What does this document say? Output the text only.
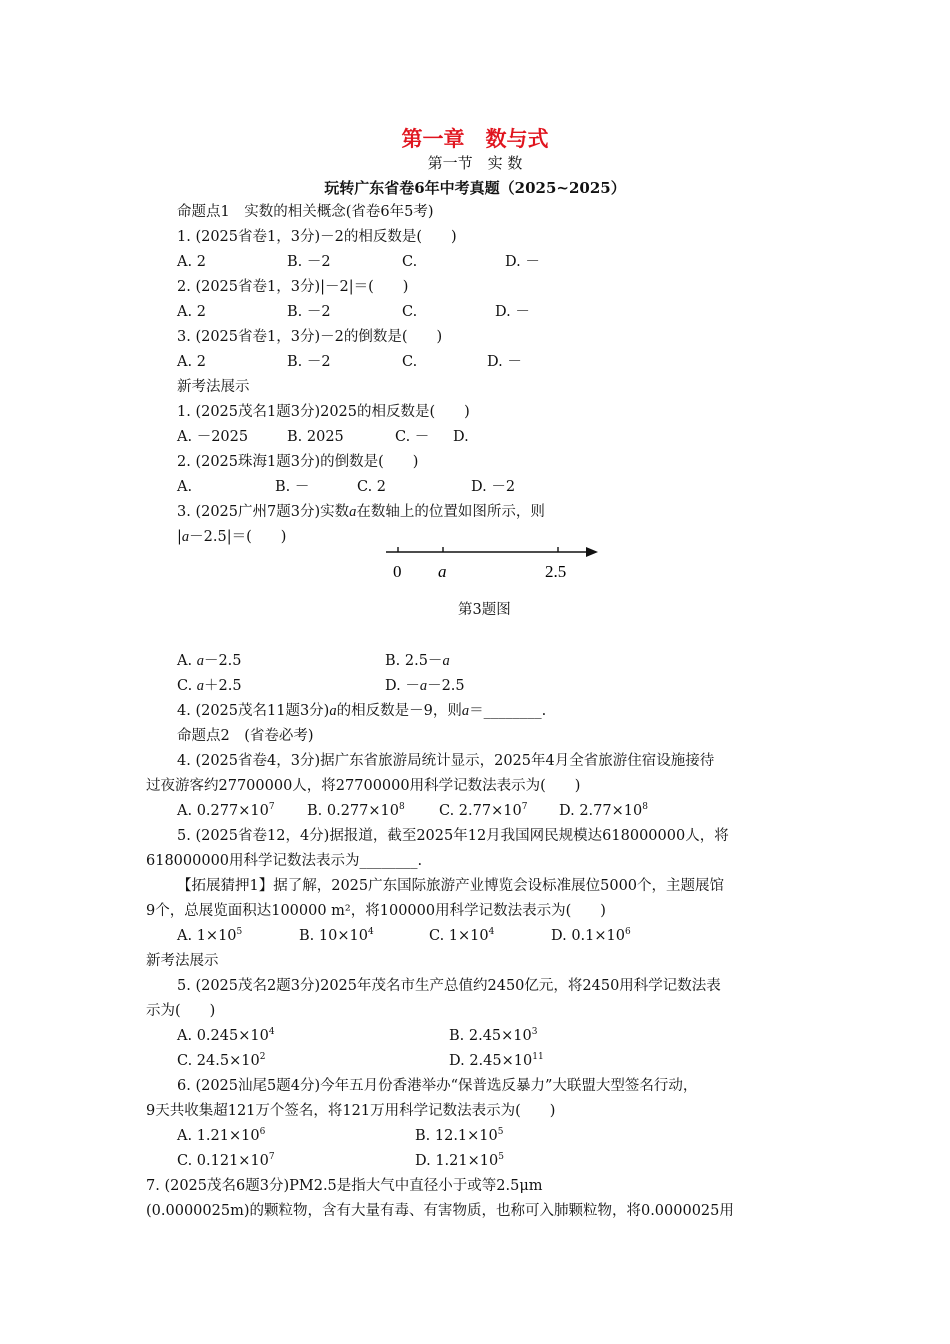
第一章　数与式
第一节　实 数
玩转广东省卷6年中考真题（2025~2025）
命题点1　实数的相关概念(省卷6年5考)
1. (2025省卷1，3分)－2的相反数是(　　)
A. 2	B. －2	C.	D. －
2. (2025省卷1，3分)|－2|＝(　　)
A. 2	B. －2	C.	D. －
3. (2025省卷1，3分)－2的倒数是(　　)
A. 2	B. －2	C.	D. －
新考法展示
1. (2025茂名1题3分)2025的相反数是(　　)
A. －2025	B. 2025	C. － D.
2. (2025珠海1题3分)的倒数是(　　)
A.	B. －	C. 2	D. －2
3. (2025广州7题3分)实数a在数轴上的位置如图所示，则
|a－2.5|＝(　　)
0 a	2.5
第3题图
A. a－2.5	B. 2.5－a
C. a＋2.5	D. －a－2.5
4. (2025茂名11题3分)a的相反数是－9，则a＝________.
命题点2　(省卷必考)
4. (2025省卷4，3分)据广东省旅游局统计显示，2025年4月全省旅游住宿设施接待
过夜游客约27700000人，将27700000用科学记数法表示为(　　)
A. $0.277\times 10^7$ B. $0.277\times 10^8$ C. $2.77\times 10^7$ D. $2.77\times 10^8$
5. (2025省卷12，4分)据报道，截至2025年12月我国网民规模达618000000人，将
618000000用科学记数法表示为________.
【拓展猜押1】据了解，2025广东国际旅游产业博览会设标准展位5000个，主题展馆
9个，总展览面积达100000 m²，将100000用科学记数法表示为(　　)
A. $1\times 10^5$	B. $10\times 10^4$	C. $1\times 10^4$	D. $0.1\times 10^6$
新考法展示
5. (2025茂名2题3分)2025年茂名市生产总值约2450亿元，将2450用科学记数法表
示为(　　)
A. $0.245\times 10^4$	B. $2.45\times 10^3$
C. $24.5\times 10^2$	D. $2.45\times 10^{11}$
6. (2025汕尾5题4分)今年五月份香港举办“保普选反暴力”大联盟大型签名行动，
9天共收集超121万个签名，将121万用科学记数法表示为(　　)
A. $1.21\times 10^6$	B. $12.1\times 10^5$
C. $0.121\times 10^7$	D. $1.21\times 10^5$
7. (2025茂名6题3分)PM2.5是指大气中直径小于或等2.5μm
(0.0000025m)的颗粒物，含有大量有毒、有害物质，也称可入肺颗粒物，将0.0000025用
